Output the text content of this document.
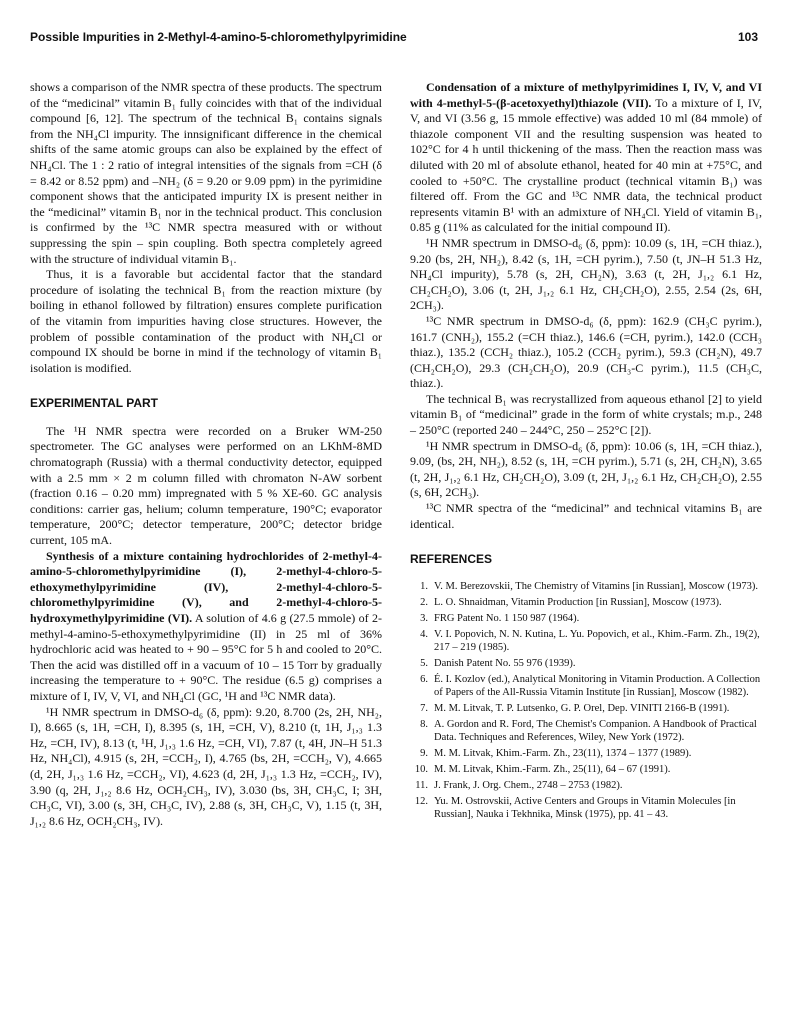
Possible Impurities in 2-Methyl-4-amino-5-chloromethylpyrimidine	103

shows a comparison of the NMR spectra of these products. The spectrum of the “medicinal” vitamin B₁ fully coincides with that of the individual compound [6, 12]. The spectrum of the technical B₁ contains signals from the NH₄Cl impurity. The innsignificant difference in the chemical shifts of the same atomic groups can also be explained by the effect of NH₄Cl. The 1 : 2 ratio of integral intensities of the signals from =CH (δ = 8.42 or 8.52 ppm) and –NH₂ (δ = 9.20 or 9.09 ppm) in the pyrimidine component shows that the anticipated impurity IX is present neither in the “medicinal” vitamin B₁ nor in the technical product. This conclusion is confirmed by the ¹³C NMR spectra measured with or without suppressing the spin – spin coupling. Both spectra completely agreed with the structure of individual vitamin B₁.

Thus, it is a favorable but accidental factor that the standard procedure of isolating the technical B₁ from the reaction mixture (by boiling in ethanol followed by filtration) ensures complete purification of the vitamin from impurities having close structures. However, the problem of possible contamination of the product with NH₄Cl or compound IX should be borne in mind if the technology of vitamin B₁ isolation is modified.

EXPERIMENTAL PART

The ¹H NMR spectra were recorded on a Bruker WM-250 spectrometer. The GC analyses were performed on an LKhM-8MD chromatograph (Russia) with a thermal conductivity detector, equipped with a 2.5 mm × 2 m column filled with chromaton N-AW sorbent (fraction 0.16 – 0.20 mm) impregnated with 5 % XE-60. GC analysis conditions: carrier gas, helium; column temperature, 190°C; evaporator temperature, 200°C; detector temperature, 200°C; detector bridge current, 105 mA.

Synthesis of a mixture containing hydrochlorides of 2-methyl-4-amino-5-chloromethylpyrimidine (I), 2-methyl-4-chloro-5-ethoxymethylpyrimidine (IV), 2-methyl-4-chloro-5-chloromethylpyrimidine (V), and 2-methyl-4-chloro-5-hydroxymethylpyrimidine (VI). A solution of 4.6 g (27.5 mmole) of 2-methyl-4-amino-5-ethoxymethylpyrimidine (II) in 25 ml of 36% hydrochloric acid was heated to + 90 – 95°C for 5 h and cooled to 20°C. Then the acid was distilled off in a vacuum of 10 – 15 Torr by gradually increasing the temperature to + 90°C. The residue (6.5 g) comprises a mixture of I, IV, V, VI, and NH₄Cl (GC, ¹H and ¹³C NMR data).

¹H NMR spectrum in DMSO-d₆ (δ, ppm): 9.20, 8.700 (2s, 2H, NH₂, I), 8.665 (s, 1H, =CH, I), 8.395 (s, 1H, =CH, V), 8.210 (t, 1H, J₁,₃ 1.3 Hz, =CH, IV), 8.13 (t, ¹H, J₁,₃ 1.6 Hz, =CH, VI), 7.87 (t, 4H, JN–H 51.3 Hz, NH₄Cl), 4.915 (s, 2H, =CCH₂, I), 4.765 (bs, 2H, =CCH₂, V), 4.665 (d, 2H, J₁,₃ 1.6 Hz, =CCH₂, VI), 4.623 (d, 2H, J₁,₃ 1.3 Hz, =CCH₂, IV), 3.90 (q, 2H, J₁,₂ 8.6 Hz, OCH₂CH₃, IV), 3.030 (bs, 3H, CH₃C, I; 3H, CH₃C, VI), 3.00 (s, 3H, CH₃C, IV), 2.88 (s, 3H, CH₃C, V), 1.15 (t, 3H, J₁,₂ 8.6 Hz, OCH₂CH₃, IV).

Condensation of a mixture of methylpyrimidines I, IV, V, and VI with 4-methyl-5-(β-acetoxyethyl)thiazole (VII). To a mixture of I, IV, V, and VI (3.56 g, 15 mmole effective) was added 10 ml (84 mmole) of thiazole component VII and the resulting suspension was heated to 102°C for 4 h until thickening of the mass. Then the reaction mass was diluted with 20 ml of absolute ethanol, heated for 40 min at +75°C, and cooled to +50°C. The crystalline product (technical vitamin B₁) was filtered off. From the GC and ¹³C NMR data, the technical product represents vitamin B¹ with an admixture of NH₄Cl. Yield of vitamin B₁, 0.85 g (11% as calculated for the initial compound II).

¹H NMR spectrum in DMSO-d₆ (δ, ppm): 10.09 (s, 1H, =CH thiaz.), 9.20 (bs, 2H, NH₂), 8.42 (s, 1H, =CH pyrim.), 7.50 (t, JN–H 51.3 Hz, NH₄Cl impurity), 5.78 (s, 2H, CH₂N), 3.63 (t, 2H, J₁,₂ 6.1 Hz, CH₂CH₂O), 3.06 (t, 2H, J₁,₂ 6.1 Hz, CH₂CH₂O), 2.55, 2.54 (2s, 6H, 2CH₃).

¹³C NMR spectrum in DMSO-d₆ (δ, ppm): 162.9 (CH₃C pyrim.), 161.7 (CNH₂), 155.2 (=CH thiaz.), 146.6 (=CH, pyrim.), 142.0 (CCH₃ thiaz.), 135.2 (CCH₂ thiaz.), 105.2 (CCH₂ pyrim.), 59.3 (CH₂N), 49.7 (CH₂CH₂O), 29.3 (CH₂CH₂O), 20.9 (CH₃-C pyrim.), 11.5 (CH₃C, thiaz.).

The technical B₁ was recrystallized from aqueous ethanol [2] to yield vitamin B₁ of “medicinal” grade in the form of white crystals; m.p., 248 – 250°C (reported 240 – 244°C, 250 – 252°C [2]).

¹H NMR spectrum in DMSO-d₆ (δ, ppm): 10.06 (s, 1H, =CH thiaz.), 9.09, (bs, 2H, NH₂), 8.52 (s, 1H, =CH pyrim.), 5.71 (s, 2H, CH₂N), 3.65 (t, 2H, J₁,₂ 6.1 Hz, CH₂CH₂O), 3.09 (t, 2H, J₁,₂ 6.1 Hz, CH₂CH₂O), 2.55 (s, 6H, 2CH₃).

¹³C NMR spectra of the “medicinal” and technical vitamins B₁ are identical.

REFERENCES
1. V. M. Berezovskii, The Chemistry of Vitamins [in Russian], Moscow (1973).
2. L. O. Shnaidman, Vitamin Production [in Russian], Moscow (1973).
3. FRG Patent No. 1 150 987 (1964).
4. V. I. Popovich, N. N. Kutina, L. Yu. Popovich, et al., Khim.-Farm. Zh., 19(2), 217 – 219 (1985).
5. Danish Patent No. 55 976 (1939).
6. É. I. Kozlov (ed.), Analytical Monitoring in Vitamin Production. A Collection of Papers of the All-Russia Vitamin Institute [in Russian], Moscow (1982).
7. M. M. Litvak, T. P. Lutsenko, G. P. Orel, Dep. VINITI 2166-B (1991).
8. A. Gordon and R. Ford, The Chemist's Companion. A Handbook of Practical Data. Techniques and References, Wiley, New York (1972).
9. M. M. Litvak, Khim.-Farm. Zh., 23(11), 1374 – 1377 (1989).
10. M. M. Litvak, Khim.-Farm. Zh., 25(11), 64 – 67 (1991).
11. J. Frank, J. Org. Chem., 2748 – 2753 (1982).
12. Yu. M. Ostrovskii, Active Centers and Groups in Vitamin Molecules [in Russian], Nauka i Tekhnika, Minsk (1975), pp. 41 – 43.
